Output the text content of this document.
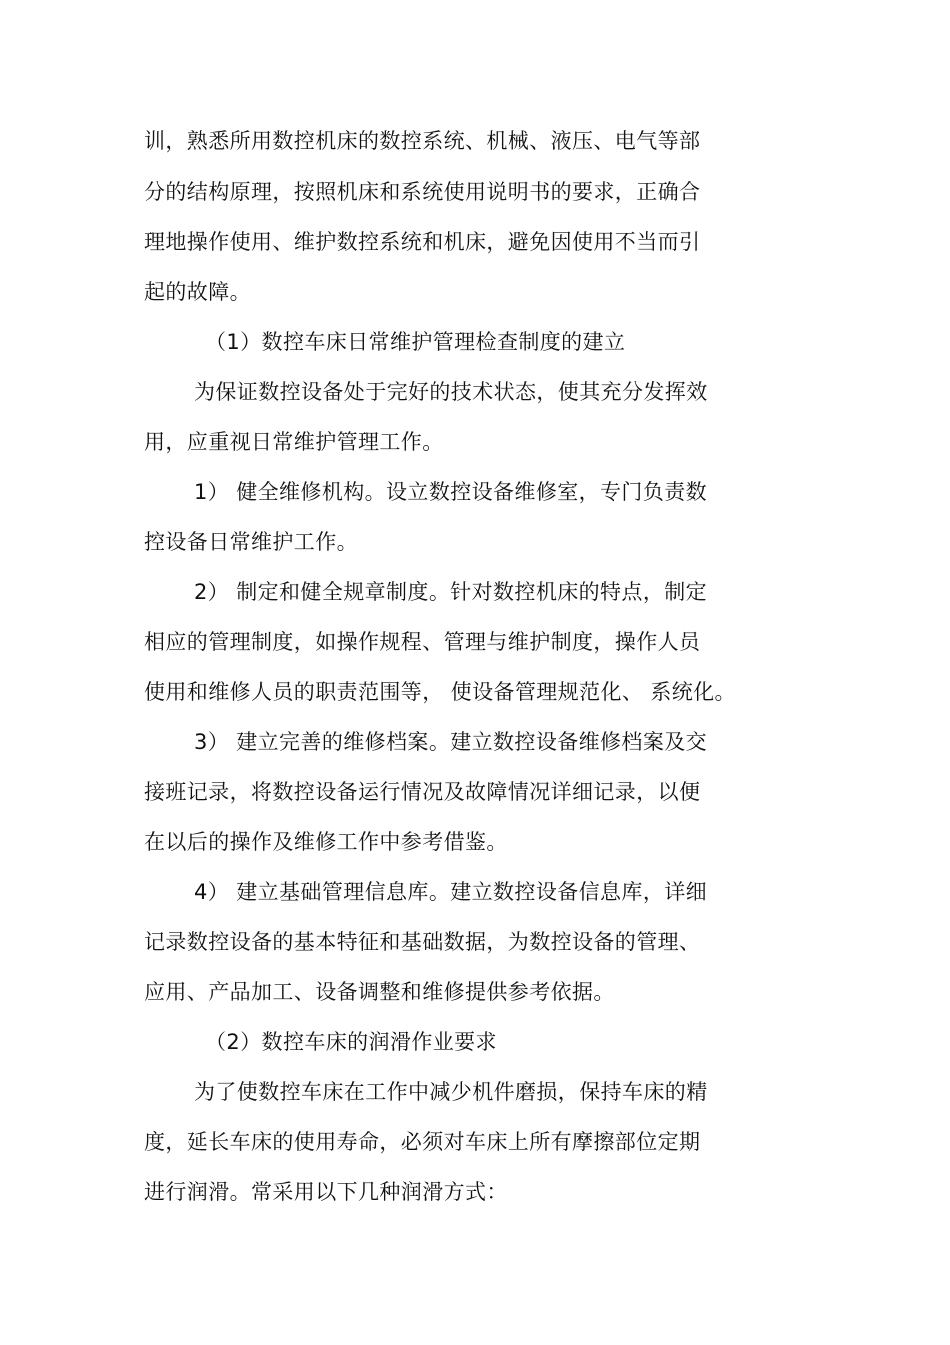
训，熟悉所用数控机床的数控系统、机械、液压、电气等部
分的结构原理，按照机床和系统使用说明书的要求，正确合
理地操作使用、维护数控系统和机床，避免因使用不当而引
起的故障。
（1）数控车床日常维护管理检查制度的建立
为保证数控设备处于完好的技术状态，使其充分发挥效
用，应重视日常维护管理工作。
1） 健全维修机构。设立数控设备维修室，专门负责数
控设备日常维护工作。
2） 制定和健全规章制度。针对数控机床的特点，制定
相应的管理制度，如操作规程、管理与维护制度，操作人员
使用和维修人员的职责范围等， 使设备管理规范化、 系统化。
3） 建立完善的维修档案。建立数控设备维修档案及交
接班记录，将数控设备运行情况及故障情况详细记录，以便
在以后的操作及维修工作中参考借鉴。
4） 建立基础管理信息库。建立数控设备信息库，详细
记录数控设备的基本特征和基础数据，为数控设备的管理、
应用、产品加工、设备调整和维修提供参考依据。
（2）数控车床的润滑作业要求
为了使数控车床在工作中减少机件磨损，保持车床的精
度，延长车床的使用寿命，必须对车床上所有摩擦部位定期
进行润滑。常采用以下几种润滑方式：
